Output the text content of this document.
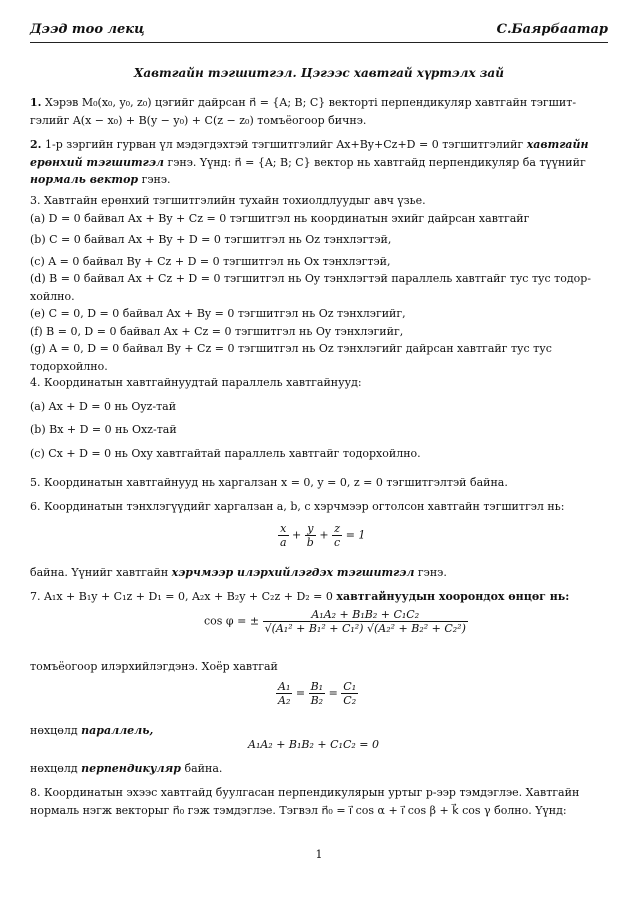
Дээд тоо лекц	С.Баярбаатар
Хавтгайн тэгшитгэл. Цэгээс хавтгай хүртэлх зай
1. Хэрэв M₀(x₀, y₀, z₀) цэгийг дайрсан n⃗ = {A; B; C} вектортi перпендикуляр хавтгайн тэгшит-
гэлийг A(x − x₀) + B(y − y₀) + C(z − z₀) томъёогоор бичнэ.
2. 1-р зэргийн гурван үл мэдэгдэхтэй тэгшитгэлийг Ax+By+Cz+D = 0 тэгшитгэлийг хавтгайн
ерөнхий тэгшитгэл гэнэ. Үүнд: n⃗ = {A; B; C} вектор нь хавтгайд перпендикуляр ба түүнийг
нормаль вектор гэнэ.
3. Хавтгайн ерөнхий тэгшитгэлийн тухайн тохиолдлуудыг авч үзье.
(a) D = 0 байвал Ax + By + Cz = 0 тэгшитгэл нь координатын эхийг дайрсан хавтгайг
(b) C = 0 байвал Ax + By + D = 0 тэгшитгэл нь Oz тэнхлэгтэй,
(c) A = 0 байвал By + Cz + D = 0 тэгшитгэл нь Ox тэнхлэгтэй,
(d) B = 0 байвал Ax + Cz + D = 0 тэгшитгэл нь Oy тэнхлэгтэй параллель хавтгайг тус тус тодор-
хойлно.
(e) C = 0, D = 0 байвал Ax + By = 0 тэгшитгэл нь Oz тэнхлэгийг,
(f) B = 0, D = 0 байвал Ax + Cz = 0 тэгшитгэл нь Oy тэнхлэгийг,
(g) A = 0, D = 0 байвал By + Cz = 0 тэгшитгэл нь Oz тэнхлэгийг дайрсан хавтгайг тус тус
тодорхойлно.
4. Координатын хавтгайнуудтай параллель хавтгайнууд:
(a) Ax + D = 0 нь Oyz-тай
(b) Bx + D = 0 нь Oxz-тай
(c) Cx + D = 0 нь Oxy хавтгайтай параллель хавтгайг тодорхойлно.
5. Координатын хавтгайнууд нь харгалзан x = 0, y = 0, z = 0 тэгшитгэлтэй байна.
6. Координатын тэнхлэгүүдийг харгалзан a, b, c хэрчмээр огтолсон хавтгайн тэгшитгэл нь:
$\frac{x}{a} + \frac{y}{b} + \frac{z}{c} = 1$
байна. Үүнийг хавтгайн хэрчмээр илэрхийлэгдэх тэгшитгэл гэнэ.
7. A₁x + B₁y + C₁z + D₁ = 0, A₂x + B₂y + C₂z + D₂ = 0 хавтгайнуудын хоорондох өнцөг нь:
cos φ = ± $\frac{\text{A₁A₂ + B₁B₂ + C₁C₂}}{\text{√(A₁² + B₁² + C₁²) √(A₂² + B₂² + C₂²)}}$
томъёогоор илэрхийлэгдэнэ. Хоёр хавтгай
$\frac{\text{A₁}}{\text{A₂}} = \frac{\text{B₁}}{\text{B₂}} = \frac{\text{C₁}}{\text{C₂}}$
нөхцөлд параллель,
A₁A₂ + B₁B₂ + C₁C₂ = 0
нөхцөлд перпендикуляр байна.
8. Координатын эхээс хавтгайд буулгасан перпендикулярын уртыг p-ээр тэмдэглэе. Хавтгайн
нормаль нэгж векторыг n⃗₀ гэж тэмдэглэе. Тэгвэл n⃗₀ = i⃗ cos α + i⃗ cos β + k⃗ cos γ болно. Үүнд:
1
